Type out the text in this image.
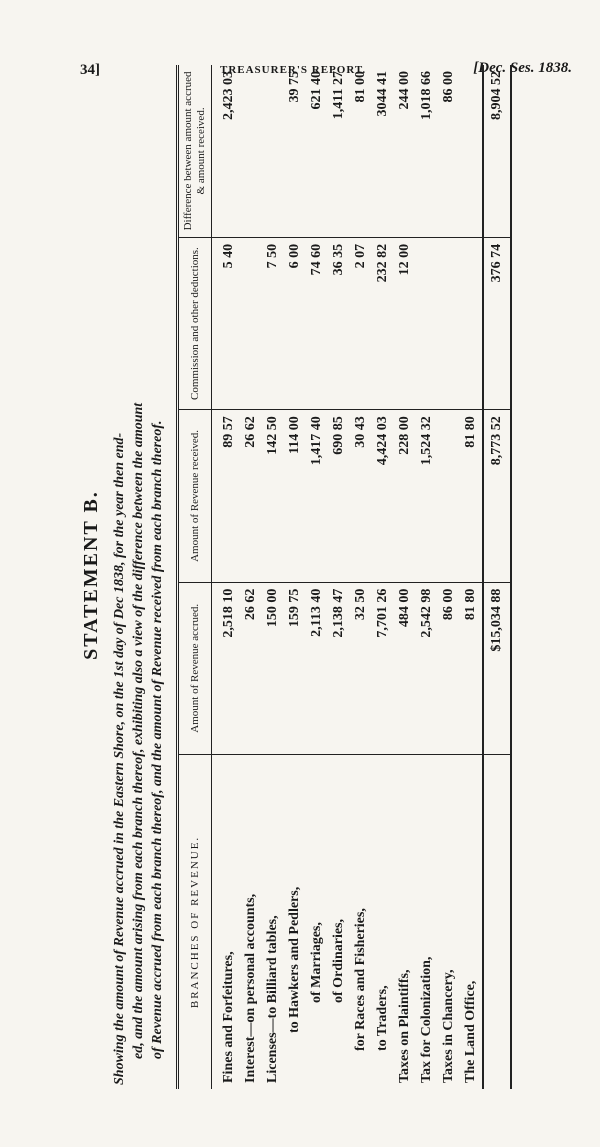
34]	TREASURER'S REPORT.	[Dec. Ses. 1838.
STATEMENT B. Showing the amount of Revenue accrued in the Eastern Shore, on the 1st day of Dec 1838, for the year then end- ed, and the amount arising from each branch thereof, exhibiting also a view of the difference between the amount of Revenue accrued from each branch thereof, and the amount of Revenue received from each branch thereof. BRANCHES OF REVENUE.	Amount of Revenue accrued.	Amount of Revenue received.	Commission and other deductions.	Difference between amount accrued & amount received.
Fines and Forfeitures,	2,518 10	89 57	5 40	2,423 03
Interest—on personal accounts,	26 62	26 62		
Licenses—to Billiard tables,	150 00	142 50	7 50	
to Hawkers and Pedlers,	159 75	114 00	6 00	39 75
of Marriages,	2,113 40	1,417 40	74 60	621 40
of Ordinaries,	2,138 47	690 85	36 35	1,411 27
for Races and Fisheries,	32 50	30 43	2 07	81 00
to Traders,	7,701 26	4,424 03	232 82	3044 41
Taxes on Plaintiffs,	484 00	228 00	12 00	244 00
Tax for Colonization,	2,542 98	1,524 32		1,018 66
Taxes in Chancery,	86 00			86 00
The Land Office,	81 80	81 80		
	$15,034 88	8,773 52	376 74	8,904 52
